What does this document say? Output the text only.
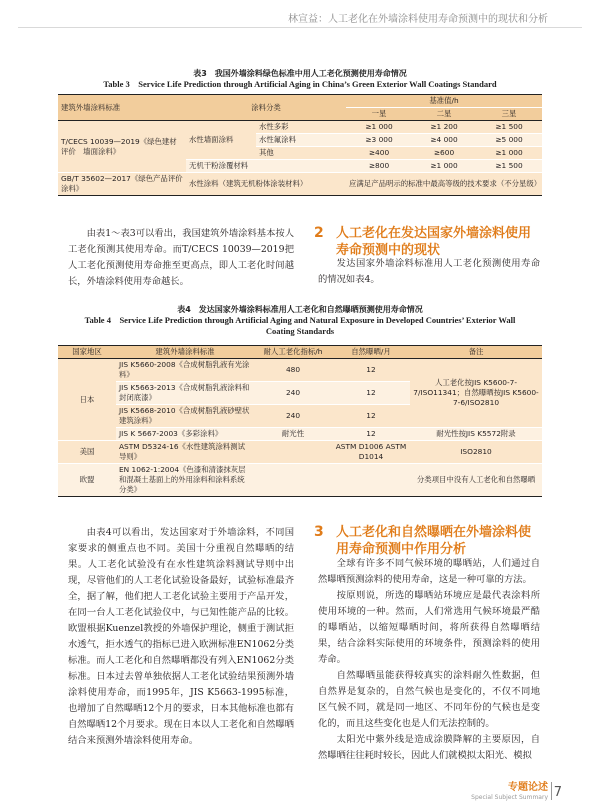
林宣益：人工老化在外墙涂料使用寿命预测中的现状和分析
表3　我国外墙涂料绿色标准中用人工老化预测使用寿命情况
Table 3　Service Life Prediction through Artificial Aging in China’s Green Exterior Wall Coatings Standard
建筑外墙涂料标准	涂料分类		基准值/h		
			一星	二星	三星
T/CECS 10039—2019《绿色建材评价　墙面涂料》	水性墙面涂料	水性多彩	≥1 000	≥1 200	≥1 500
		水性氟涂料	≥3 000	≥4 000	≥5 000
		其他	≥400	≥600	≥1 000
	无机干粉涂覆材料		≥800	≥1 000	≥1 500
GB/T 35602—2017《绿色产品评价涂料》	水性涂料（建筑无机粉体涂装材料）		应满足产品明示的标准中最高等级的技术要求（不分星级）		

由表1～表3可以看出，我国建筑外墙涂料基本按人工老化预测其使用寿命。而T/CECS 10039—2019把人工老化预测使用寿命推至更高点，即人工老化时间越长，外墙涂料使用寿命越长。

2 人工老化在发达国家外墙涂料使用寿命预测中的现状

发达国家外墙涂料标准用人工老化预测使用寿命的情况如表4。

表4　发达国家外墙涂料标准用人工老化和自然曝晒预测使用寿命情况
Table 4　Service Life Prediction through Artificial Aging and Natural Exposure in Developed Countries’ Exterior Wall
Coating Standards
国家地区	建筑外墙涂料标准	耐人工老化指标/h	自然曝晒/月	备注
日本	JIS K5660-2008《合成树脂乳液有光涂料》	480	12	人工老化按JIS K5600-7-7/ISO11341；自然曝晒按JIS K5600-7-6/ISO2810
	JIS K5663-2013《合成树脂乳液涂料和封闭底漆》	240	12	
	JIS K5668-2010《合成树脂乳液砂壁状建筑涂料》	240	12	
	JIS K 5667-2003《多彩涂料》	耐光性	12	耐光性按JIS K5572附录
美国	ASTM D5324-16《水性建筑涂料测试导则》		ASTM D1006 ASTM D1014	ISO2810
欧盟	EN 1062-1:2004《色漆和清漆抹灰层和混凝土基面上的外用涂料和涂料系统分类》			分类项目中没有人工老化和自然曝晒

由表4可以看出，发达国家对于外墙涂料，不同国家要求的侧重点也不同。美国十分重视自然曝晒的结果。人工老化试验没有在水性建筑涂料测试导则中出现，尽管他们的人工老化试验设备最好，试验标准最齐全，据了解，他们把人工老化试验主要用于产品开发，在同一台人工老化试验仪中，与已知性能产品的比较。欧盟根据Kuenzel教授的外墙保护理论，侧重于测试拒水透气，拒水透气的指标已进入欧洲标准EN1062分类标准。而人工老化和自然曝晒都没有列入EN1062分类标准。日本过去曾单独依据人工老化试验结果预测外墙涂料使用寿命，而1995年，JIS K5663-1995标准，也增加了自然曝晒12个月的要求，日本其他标准也都有自然曝晒12个月要求。现在日本以人工老化和自然曝晒结合来预测外墙涂料使用寿命。

3 人工老化和自然曝晒在外墙涂料使用寿命预测中作用分析

全球有许多不同气候环境的曝晒站，人们通过自然曝晒预测涂料的使用寿命，这是一种可靠的方法。

按原则说，所选的曝晒站环境应是最代表涂料所使用环境的一种。然而，人们常选用气候环境最严酷的曝晒站，以缩短曝晒时间，将所获得自然曝晒结果，结合涂料实际使用的环境条件，预测涂料的使用寿命。

自然曝晒虽能获得较真实的涂料耐久性数据，但自然界是复杂的，自然气候也是变化的，不仅不同地区气候不同，就是同一地区、不同年份的气候也是变化的，而且这些变化也是人们无法控制的。

太阳光中紫外线是造成涂膜降解的主要原因，自然曝晒往往耗时较长，因此人们就模拟太阳光、模拟

专题论述
Special Subject Summary 7
